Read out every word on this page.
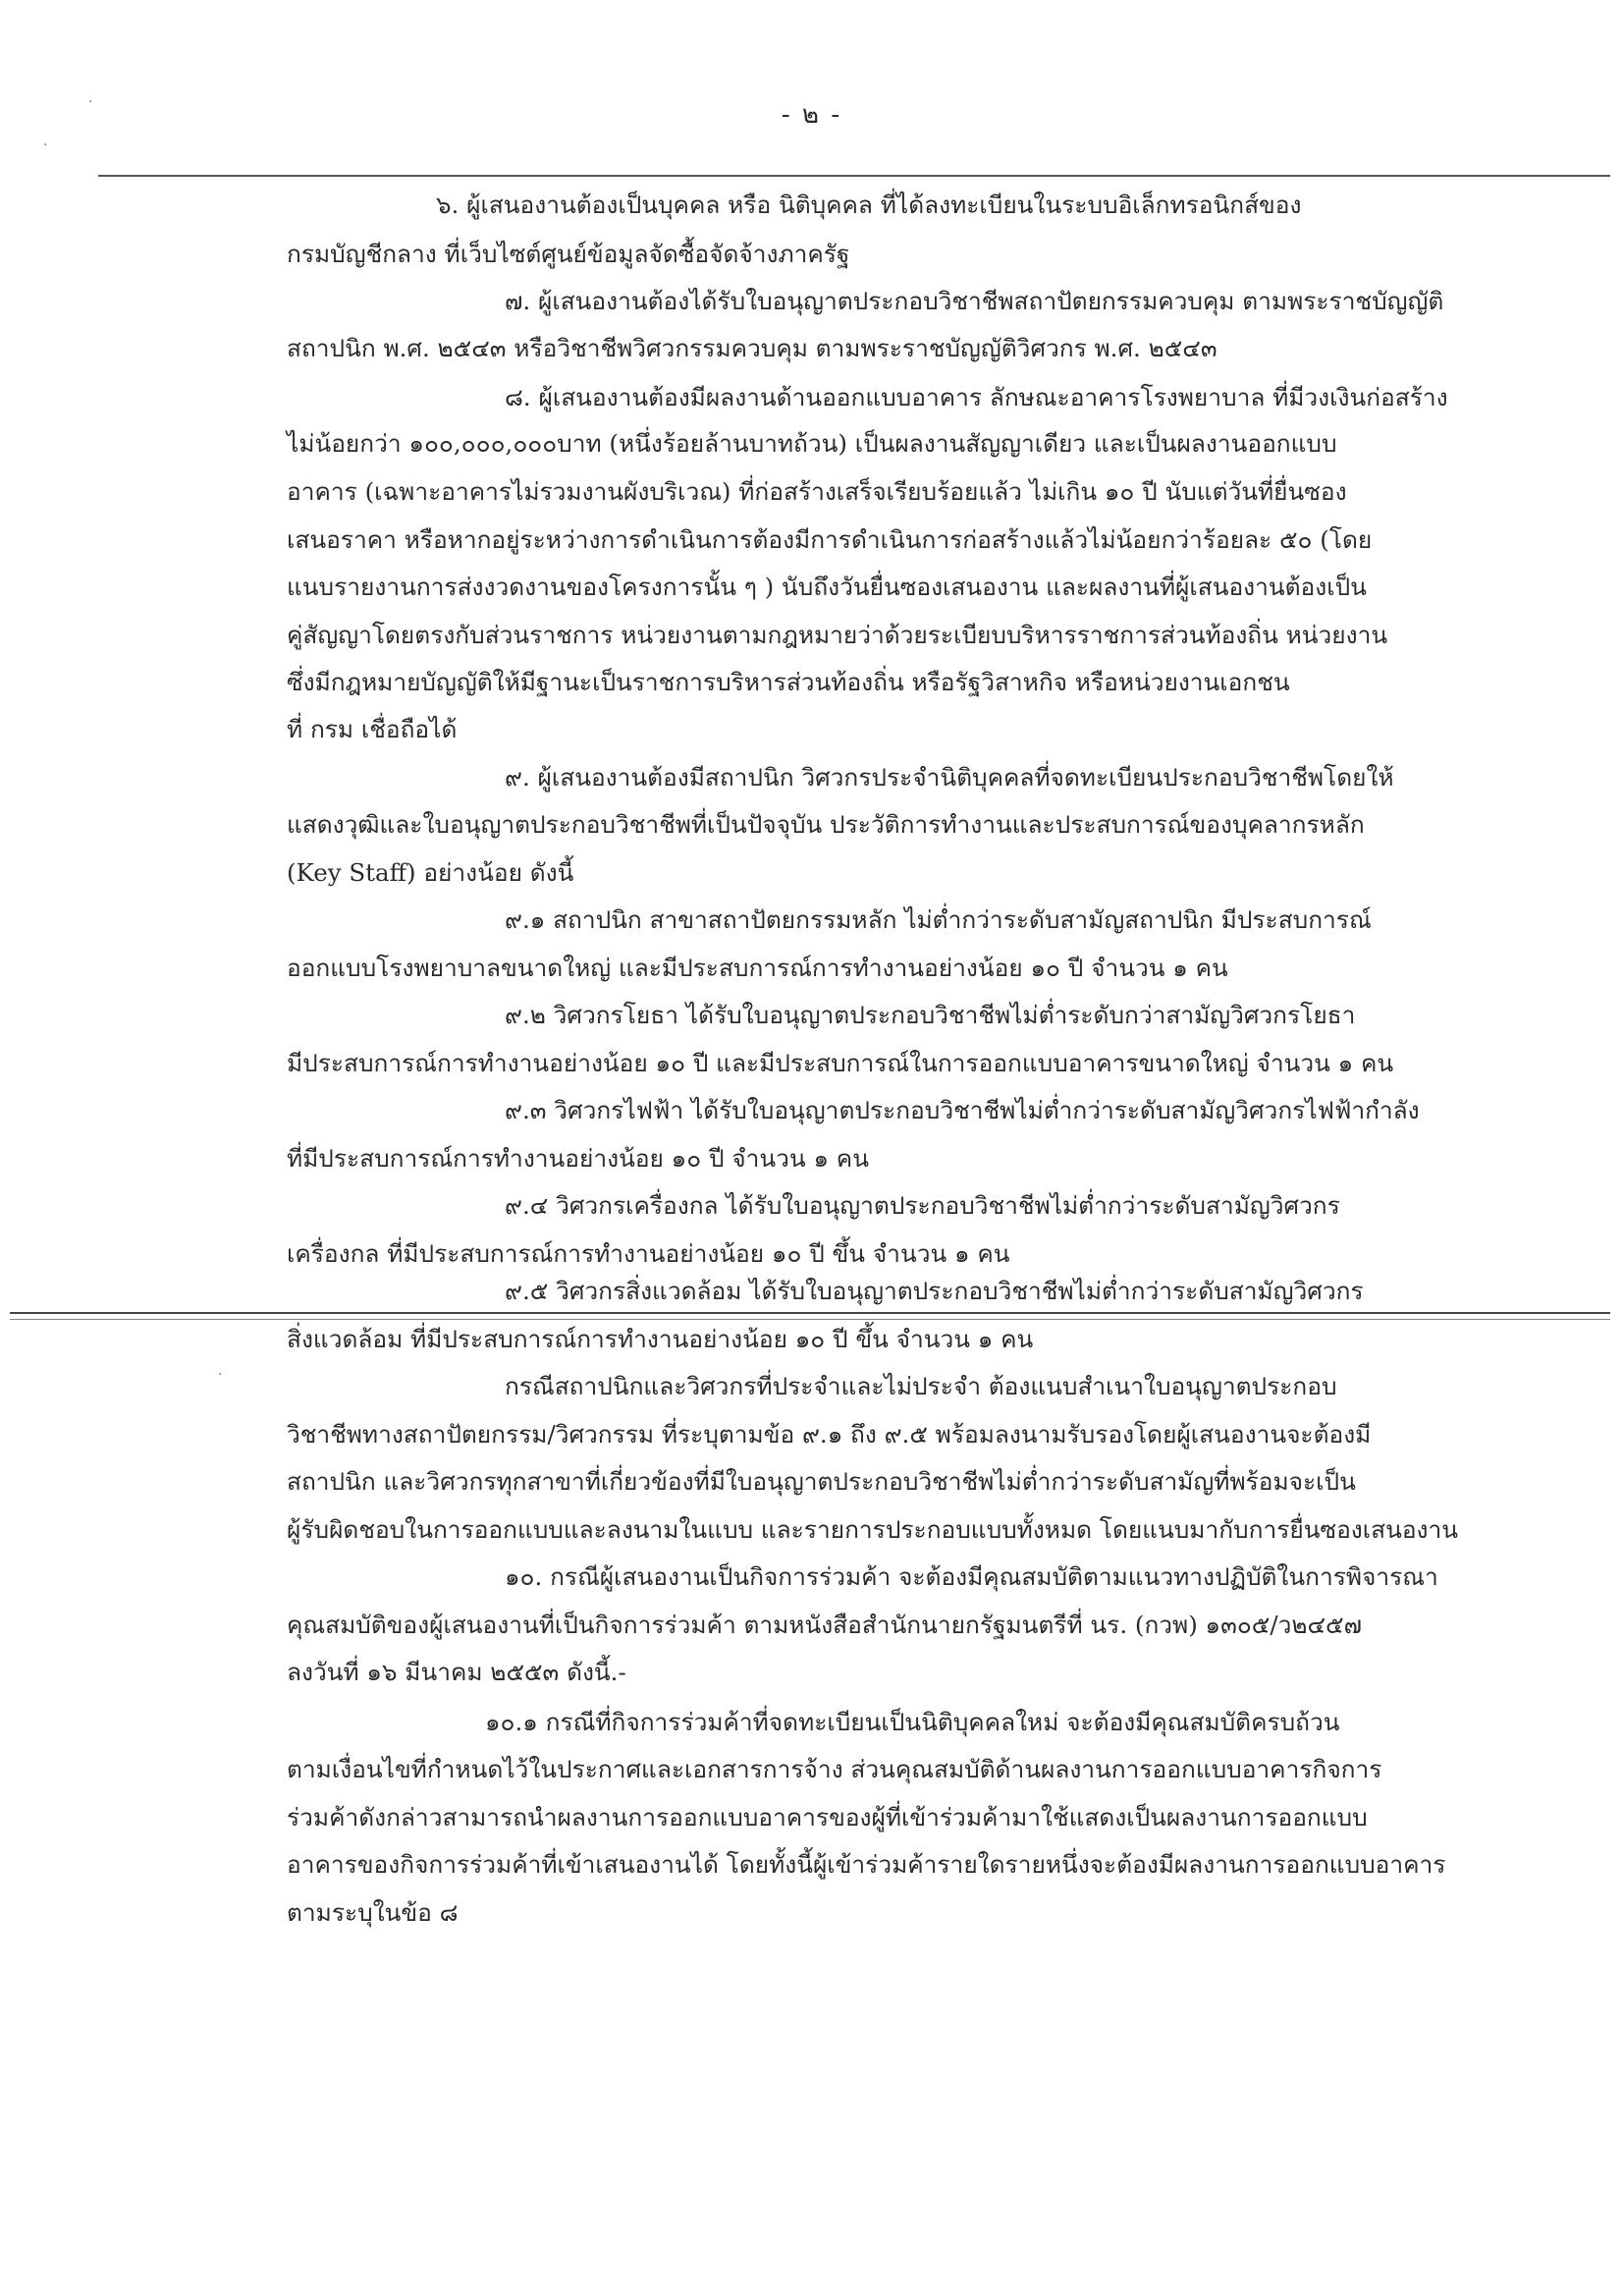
- ๒ -
·
·
·
๖. ผู้เสนองานต้องเป็นบุคคล หรือ นิติบุคคล ที่ได้ลงทะเบียนในระบบอิเล็กทรอนิกส์ของ
กรมบัญชีกลาง ที่เว็บไซต์ศูนย์ข้อมูลจัดซื้อจัดจ้างภาครัฐ
๗. ผู้เสนองานต้องได้รับใบอนุญาตประกอบวิชาชีพสถาปัตยกรรมควบคุม ตามพระราชบัญญัติ
สถาปนิก พ.ศ. ๒๕๔๓ หรือวิชาชีพวิศวกรรมควบคุม ตามพระราชบัญญัติวิศวกร พ.ศ. ๒๕๔๓
๘. ผู้เสนองานต้องมีผลงานด้านออกแบบอาคาร ลักษณะอาคารโรงพยาบาล ที่มีวงเงินก่อสร้าง
ไม่น้อยกว่า ๑๐๐,๐๐๐,๐๐๐บาท (หนึ่งร้อยล้านบาทถ้วน) เป็นผลงานสัญญาเดียว และเป็นผลงานออกแบบ
อาคาร (เฉพาะอาคารไม่รวมงานผังบริเวณ) ที่ก่อสร้างเสร็จเรียบร้อยแล้ว ไม่เกิน ๑๐ ปี นับแต่วันที่ยื่นซอง
เสนอราคา หรือหากอยู่ระหว่างการดำเนินการต้องมีการดำเนินการก่อสร้างแล้วไม่น้อยกว่าร้อยละ ๕๐ (โดย
แนบรายงานการส่งงวดงานของโครงการนั้น ๆ ) นับถึงวันยื่นซองเสนองาน และผลงานที่ผู้เสนองานต้องเป็น
คู่สัญญาโดยตรงกับส่วนราชการ หน่วยงานตามกฎหมายว่าด้วยระเบียบบริหารราชการส่วนท้องถิ่น หน่วยงาน
ซึ่งมีกฎหมายบัญญัติให้มีฐานะเป็นราชการบริหารส่วนท้องถิ่น หรือรัฐวิสาหกิจ หรือหน่วยงานเอกชน
ที่ กรม เชื่อถือได้
๙. ผู้เสนองานต้องมีสถาปนิก วิศวกรประจำนิติบุคคลที่จดทะเบียนประกอบวิชาชีพโดยให้
แสดงวุฒิและใบอนุญาตประกอบวิชาชีพที่เป็นปัจจุบัน ประวัติการทำงานและประสบการณ์ของบุคลากรหลัก
(Key Staff) อย่างน้อย ดังนี้
๙.๑ สถาปนิก สาขาสถาปัตยกรรมหลัก ไม่ต่ำกว่าระดับสามัญสถาปนิก มีประสบการณ์
ออกแบบโรงพยาบาลขนาดใหญ่ และมีประสบการณ์การทำงานอย่างน้อย ๑๐ ปี จำนวน ๑ คน
๙.๒ วิศวกรโยธา ได้รับใบอนุญาตประกอบวิชาชีพไม่ต่ำระดับกว่าสามัญวิศวกรโยธา
มีประสบการณ์การทำงานอย่างน้อย ๑๐ ปี และมีประสบการณ์ในการออกแบบอาคารขนาดใหญ่ จำนวน ๑ คน
๙.๓ วิศวกรไฟฟ้า ได้รับใบอนุญาตประกอบวิชาชีพไม่ต่ำกว่าระดับสามัญวิศวกรไฟฟ้ากำลัง
ที่มีประสบการณ์การทำงานอย่างน้อย ๑๐ ปี จำนวน ๑ คน
๙.๔ วิศวกรเครื่องกล ได้รับใบอนุญาตประกอบวิชาชีพไม่ต่ำกว่าระดับสามัญวิศวกร
เครื่องกล ที่มีประสบการณ์การทำงานอย่างน้อย ๑๐ ปี ขึ้น จำนวน ๑ คน
๙.๕ วิศวกรสิ่งแวดล้อม ได้รับใบอนุญาตประกอบวิชาชีพไม่ต่ำกว่าระดับสามัญวิศวกร
สิ่งแวดล้อม ที่มีประสบการณ์การทำงานอย่างน้อย ๑๐ ปี ขึ้น จำนวน ๑ คน
กรณีสถาปนิกและวิศวกรที่ประจำและไม่ประจำ ต้องแนบสำเนาใบอนุญาตประกอบ
วิชาชีพทางสถาปัตยกรรม/วิศวกรรม ที่ระบุตามข้อ ๙.๑ ถึง ๙.๕ พร้อมลงนามรับรองโดยผู้เสนองานจะต้องมี
สถาปนิก และวิศวกรทุกสาขาที่เกี่ยวข้องที่มีใบอนุญาตประกอบวิชาชีพไม่ต่ำกว่าระดับสามัญที่พร้อมจะเป็น
ผู้รับผิดชอบในการออกแบบและลงนามในแบบ และรายการประกอบแบบทั้งหมด โดยแนบมากับการยื่นซองเสนองาน
๑๐. กรณีผู้เสนองานเป็นกิจการร่วมค้า จะต้องมีคุณสมบัติตามแนวทางปฏิบัติในการพิจารณา
คุณสมบัติของผู้เสนองานที่เป็นกิจการร่วมค้า ตามหนังสือสำนักนายกรัฐมนตรีที่ นร. (กวพ) ๑๓๐๕/ว๒๔๕๗
ลงวันที่ ๑๖ มีนาคม ๒๕๕๓ ดังนี้.-
๑๐.๑ กรณีที่กิจการร่วมค้าที่จดทะเบียนเป็นนิติบุคคลใหม่ จะต้องมีคุณสมบัติครบถ้วน
ตามเงื่อนไขที่กำหนดไว้ในประกาศและเอกสารการจ้าง ส่วนคุณสมบัติด้านผลงานการออกแบบอาคารกิจการ
ร่วมค้าดังกล่าวสามารถนำผลงานการออกแบบอาคารของผู้ที่เข้าร่วมค้ามาใช้แสดงเป็นผลงานการออกแบบ
อาคารของกิจการร่วมค้าที่เข้าเสนองานได้ โดยทั้งนี้ผู้เข้าร่วมค้ารายใดรายหนึ่งจะต้องมีผลงานการออกแบบอาคาร
ตามระบุในข้อ ๘
